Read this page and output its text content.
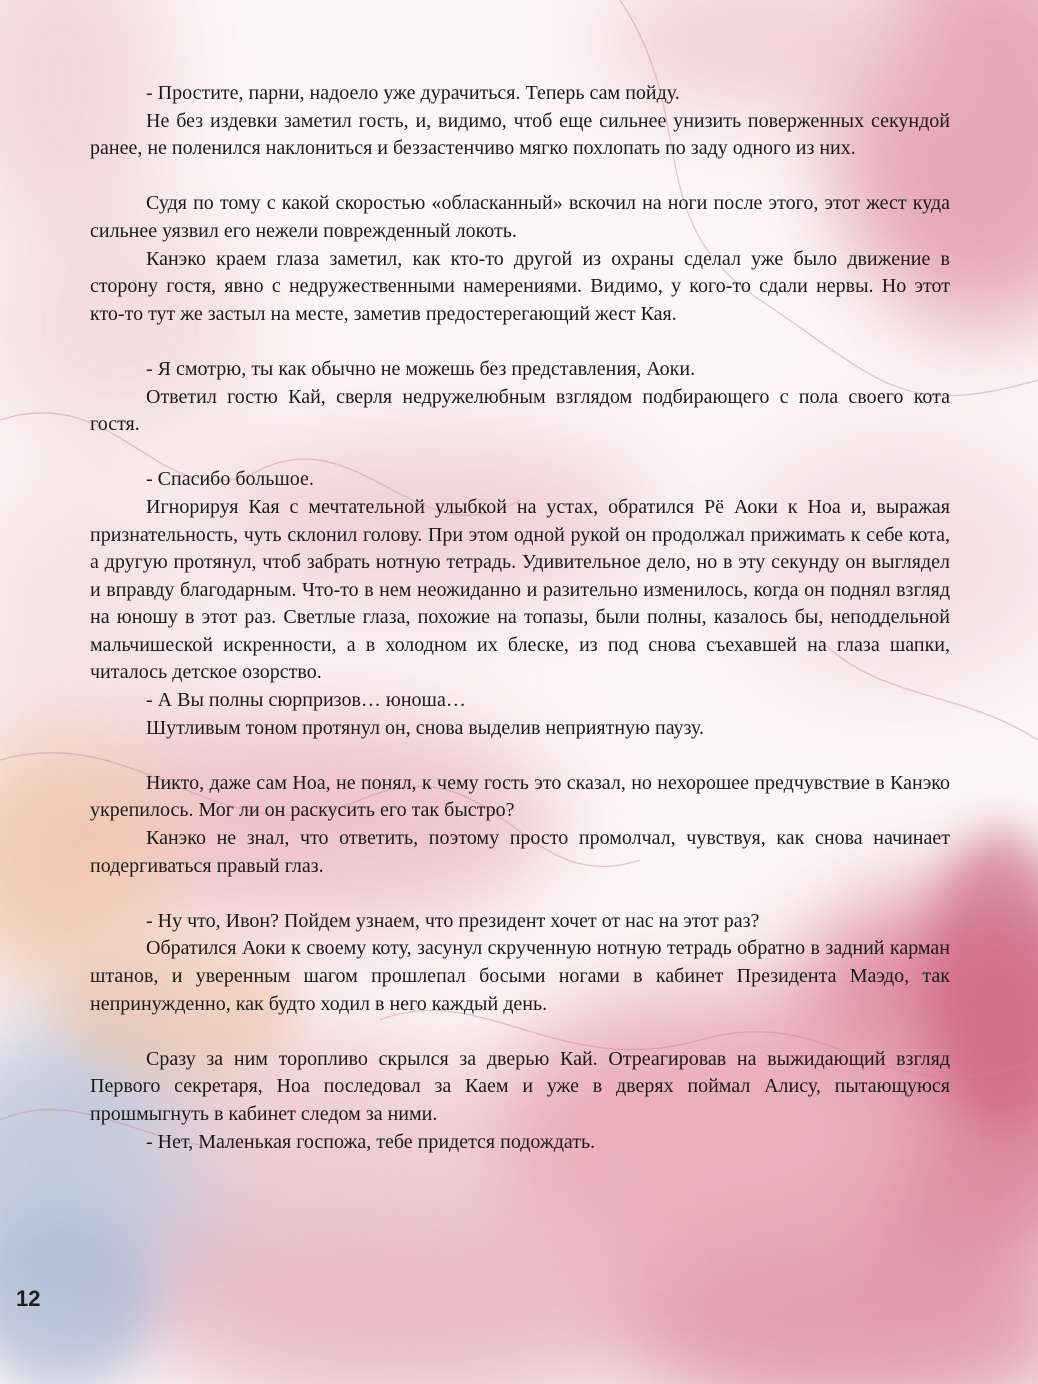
- Простите, парни, надоело уже дурачиться. Теперь сам пойду.

Не без издевки заметил гость, и, видимо, чтоб еще сильнее унизить поверженных секундой ранее, не поленился наклониться и беззастенчиво мягко похлопать по заду одного из них.

Судя по тому с какой скоростью «обласканный» вскочил на ноги после этого, этот жест куда сильнее уязвил его нежели поврежденный локоть.

Канэко краем глаза заметил, как кто-то другой из охраны сделал уже было движение в сторону гостя, явно с недружественными намерениями. Видимо, у кого-то сдали нервы. Но этот кто-то тут же застыл на месте, заметив предостерегающий жест Кая.

- Я смотрю, ты как обычно не можешь без представления, Аоки.

Ответил гостю Кай, сверля недружелюбным взглядом подбирающего с пола своего кота гостя.

- Спасибо большое.

Игнорируя Кая с мечтательной улыбкой на устах, обратился Рё Аоки к Ноа и, выражая признательность, чуть склонил голову. При этом одной рукой он продолжал прижимать к себе кота, а другую протянул, чтоб забрать нотную тетрадь. Удивительное дело, но в эту секунду он выглядел и вправду благодарным. Что-то в нем неожиданно и разительно изменилось, когда он поднял взгляд на юношу в этот раз. Светлые глаза, похожие на топазы, были полны, казалось бы, неподдельной мальчишеской искренности, а в холодном их блеске, из под снова съехавшей на глаза шапки, читалось детское озорство.

- А Вы полны сюрпризов… юноша…

Шутливым тоном протянул он, снова выделив неприятную паузу.

Никто, даже сам Ноа, не понял, к чему гость это сказал, но нехорошее предчувствие в Канэко укрепилось. Мог ли он раскусить его так быстро?

Канэко не знал, что ответить, поэтому просто промолчал, чувствуя, как снова начинает подергиваться правый глаз.

- Ну что, Ивон? Пойдем узнаем, что президент хочет от нас на этот раз?

Обратился Аоки к своему коту, засунул скрученную нотную тетрадь обратно в задний карман штанов, и уверенным шагом прошлепал босыми ногами в кабинет Президента Маэдо, так непринужденно, как будто ходил в него каждый день.

Сразу за ним торопливо скрылся за дверью Кай. Отреагировав на выжидающий взгляд Первого секретаря, Ноа последовал за Каем и уже в дверях поймал Алису, пытающуюся прошмыгнуть в кабинет следом за ними.

- Нет, Маленькая госпожа, тебе придется подождать.

12
